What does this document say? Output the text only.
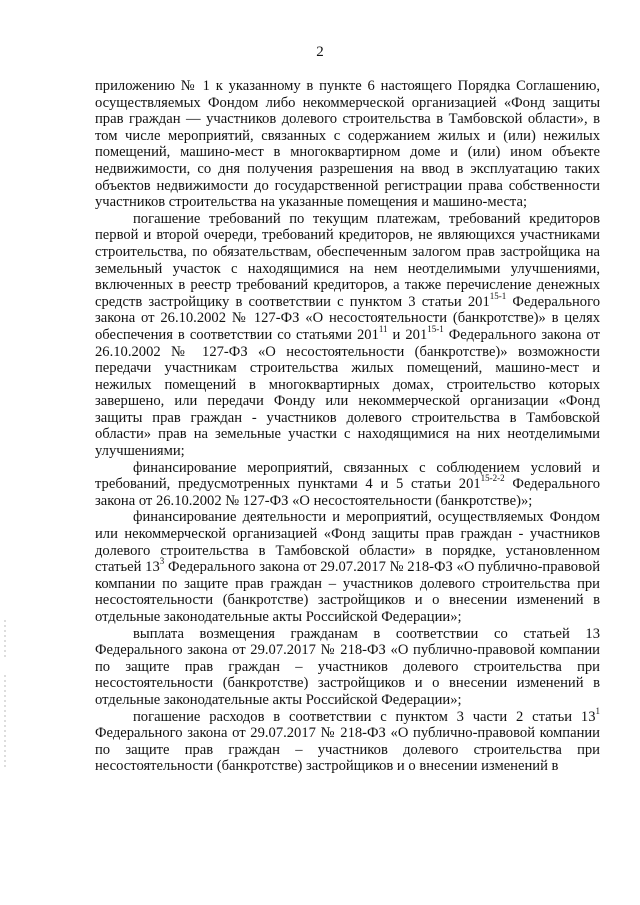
2

приложению № 1 к указанному в пункте 6 настоящего Порядка Соглашению, осуществляемых Фондом либо некоммерческой организацией «Фонд защиты прав граждан — участников долевого строительства в Тамбовской области», в том числе мероприятий, связанных с содержанием жилых и (или) нежилых помещений, машино-мест в многоквартирном доме и (или) ином объекте недвижимости, со дня получения разрешения на ввод в эксплуатацию таких объектов недвижимости до государственной регистрации права собственности участников строительства на указанные помещения и машино-места;

погашение требований по текущим платежам, требований кредиторов первой и второй очереди, требований кредиторов, не являющихся участниками строительства, по обязательствам, обеспеченным залогом прав застройщика на земельный участок с находящимися на нем неотделимыми улучшениями, включенных в реестр требований кредиторов, а также перечисление денежных средств застройщику в соответствии с пунктом 3 статьи 201$^{15-1}$ Федерального закона от 26.10.2002 № 127-ФЗ «О несостоятельности (банкротстве)» в целях обеспечения в соответствии со статьями $201^{11}$ и 201$^{15-1}$ Федерального закона от 26.10.2002 № 127-ФЗ «О несостоятельности (банкротстве)» возможности передачи участникам строительства жилых помещений, машино-мест и нежилых помещений в многоквартирных домах, строительство которых завершено, или передачи Фонду или некоммерческой организации «Фонд защиты прав граждан - участников долевого строительства в Тамбовской области» прав на земельные участки с находящимися на них неотделимыми улучшениями;

финансирование мероприятий, связанных с соблюдением условий и требований, предусмотренных пунктами 4 и 5 статьи 201$^{15-2-2}$ Федерального закона от 26.10.2002 № 127-ФЗ «О несостоятельности (банкротстве)»;

финансирование деятельности и мероприятий, осуществляемых Фондом или некоммерческой организацией «Фонд защиты прав граждан - участников долевого строительства в Тамбовской области» в порядке, установленном статьей $13^3$ Федерального закона от 29.07.2017 № 218-ФЗ «О публично-правовой компании по защите прав граждан – участников долевого строительства при несостоятельности (банкротстве) застройщиков и о внесении изменений в отдельные законодательные акты Российской Федерации»;

выплата возмещения гражданам в соответствии со статьей 13 Федерального закона от 29.07.2017 № 218-ФЗ «О публично-правовой компании по защите прав граждан – участников долевого строительства при несостоятельности (банкротстве) застройщиков и о внесении изменений в отдельные законодательные акты Российской Федерации»;

погашение расходов в соответствии с пунктом 3 части 2 статьи $13^1$ Федерального закона от 29.07.2017 № 218-ФЗ «О публично-правовой компании по защите прав граждан – участников долевого строительства при несостоятельности (банкротстве) застройщиков и о внесении изменений в
